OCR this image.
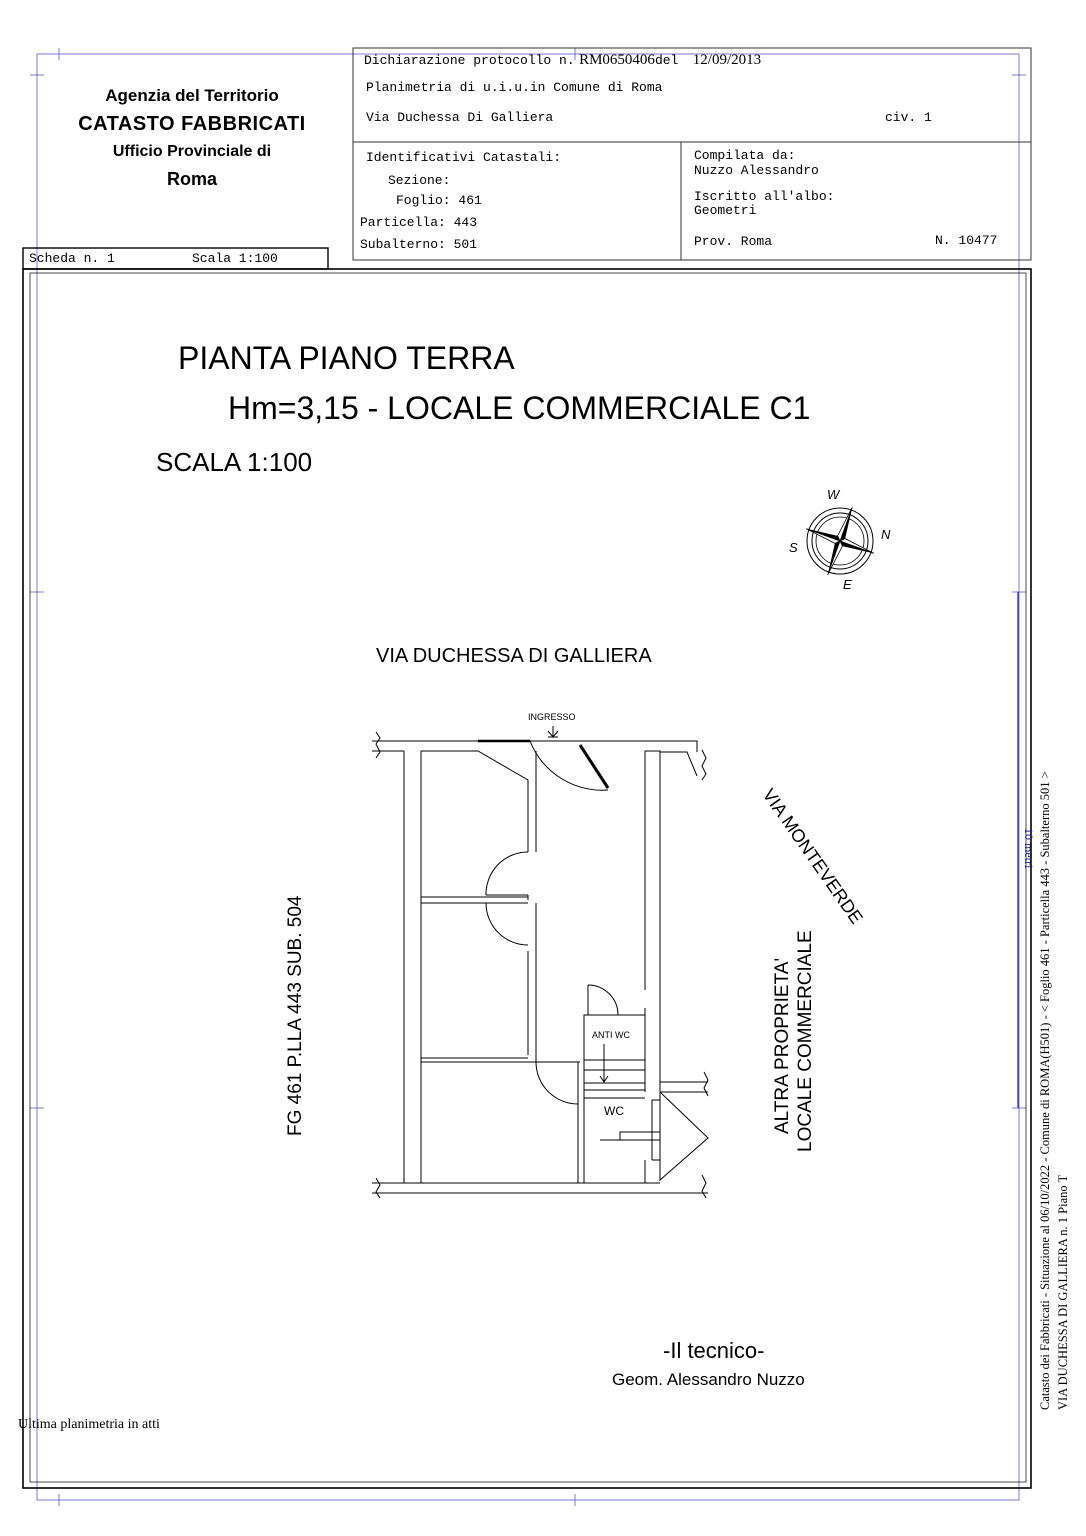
Agenzia del Territorio
CATASTO FABBRICATI
Ufficio Provinciale di
Roma
Dichiarazione protocollo n. RM0650406del 12/09/2013
Planimetria di u.i.u.in Comune di Roma
Via Duchessa Di Galliera	civ. 1
Identificativi Catastali:
Sezione:
Foglio: 461
Particella: 443
Subalterno: 501
Compilata da:
Nuzzo Alessandro
Iscritto all'albo:
Geometri
Prov. Roma	N. 10477
Scheda n. 1	Scala 1:100
PIANTA PIANO TERRA
Hm=3,15 - LOCALE COMMERCIALE C1
SCALA 1:100
W
N
S
E
VIA DUCHESSA DI GALLIERA
VIA MONTEVERDE
FG 461 P.LLA 443 SUB. 504	ALTRA PROPRIETA' LOCALE COMMERCIALE
INGRESSO
ANTI WC
WC
10 metri
-Il tecnico-
Geom. Alessandro Nuzzo
Ultima planimetria in atti
Catasto dei Fabbricati - Situazione al 06/10/2022 - Comune di ROMA(H501) - < Foglio 461 - Particella 443 - Subalterno 501 > VIA DUCHESSA DI GALLIERA n. 1 Piano T
